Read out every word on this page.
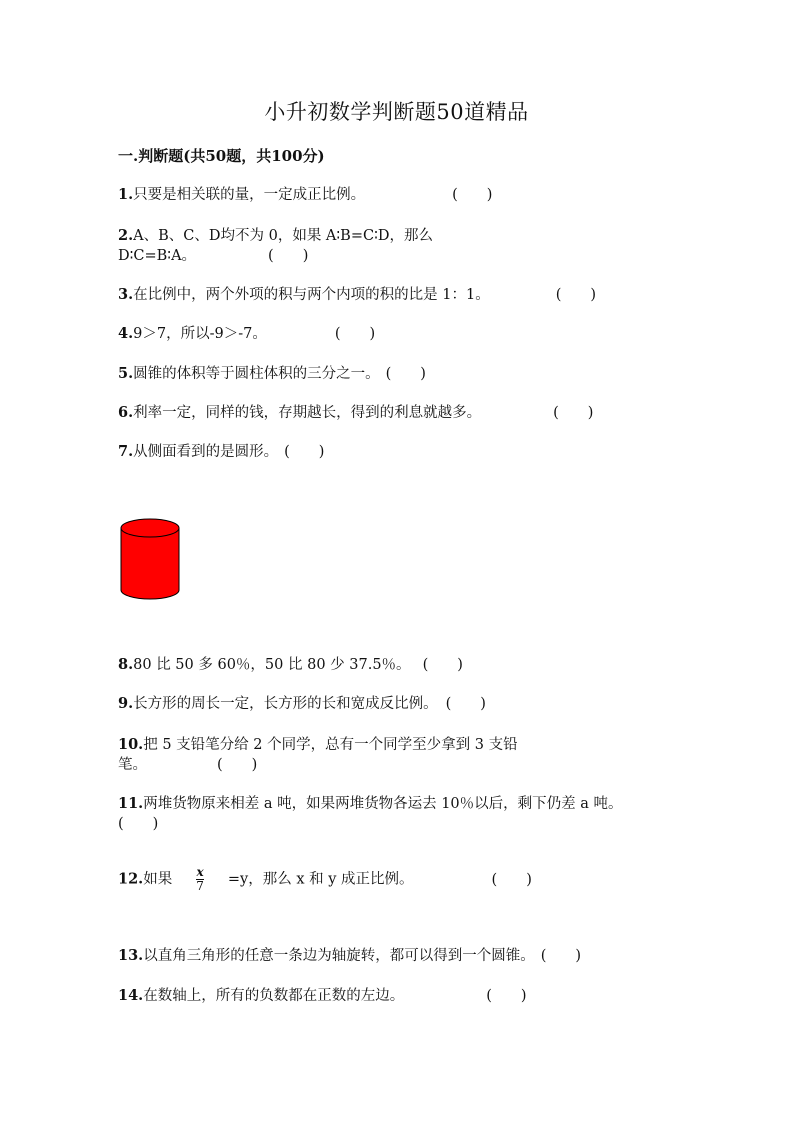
小升初数学判断题50道精品
一.判断题(共50题，共100分)
1.只要是相关联的量，一定成正比例。	(　　)
2.A、B、C、D均不为 0，如果 A∶B=C∶D，那么
D∶C=B∶A。	(　　)
3.在比例中，两个外项的积与两个内项的积的比是 1：1。	(　　)
4.9＞7，所以-9＞-7。	(　　)
5.圆锥的体积等于圆柱体积的三分之一。 (　　)
6.利率一定，同样的钱，存期越长，得到的利息就越多。	(　　)
7.从侧面看到的是圆形。 (　　)
8.80 比 50 多 60％，50 比 80 少 37.5％。 (　　)
9.长方形的周长一定，长方形的长和宽成反比例。 (　　)
10.把 5 支铅笔分给 2 个同学，总有一个同学至少拿到 3 支铅
笔。	(　　)
11.两堆货物原来相差 a 吨，如果两堆货物各运去 10％以后，剩下仍差 a 吨。
(　　)
12.如果 $\frac{x}{7} =y$，那么 x 和 y 成正比例。	(　　)
13.以直角三角形的任意一条边为轴旋转，都可以得到一个圆锥。 (　　)
14.在数轴上，所有的负数都在正数的左边。	(　　)
